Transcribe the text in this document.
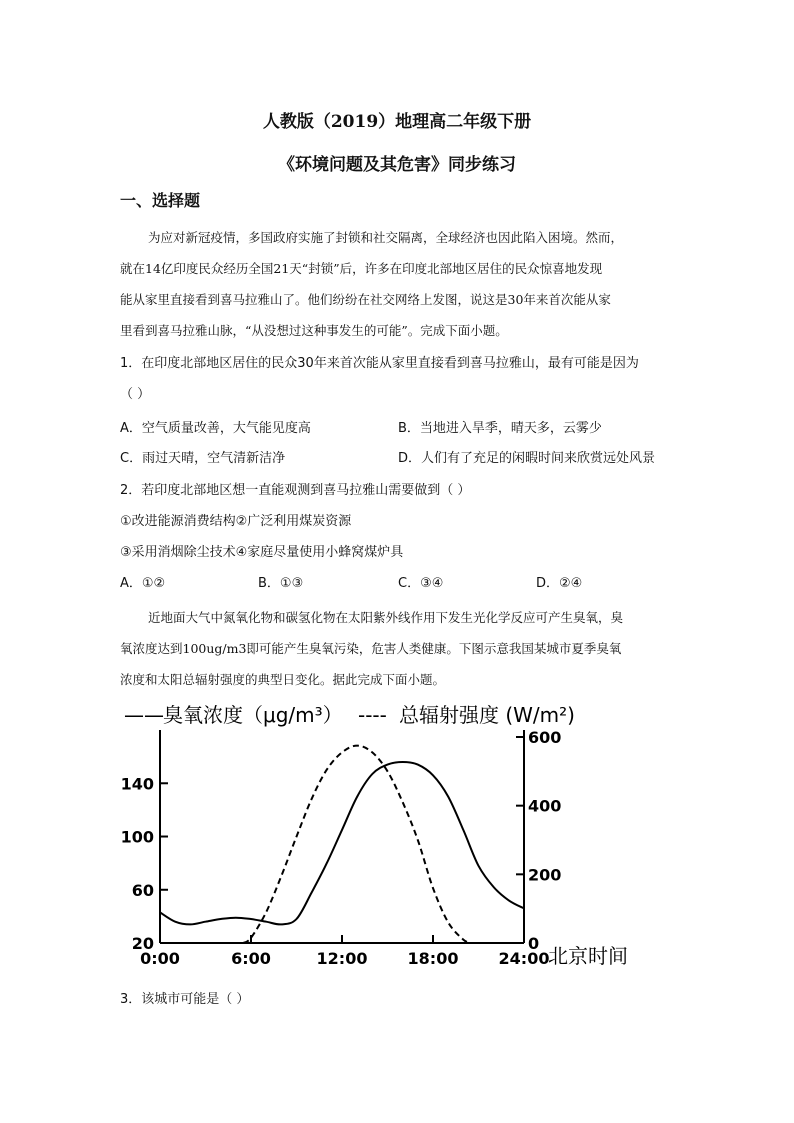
人教版（2019）地理高二年级下册
《环境问题及其危害》同步练习
一、选择题
为应对新冠疫情，多国政府实施了封锁和社交隔离，全球经济也因此陷入困境。然而，
就在14亿印度民众经历全国21天“封锁”后，许多在印度北部地区居住的民众惊喜地发现
能从家里直接看到喜马拉雅山了。他们纷纷在社交网络上发图，说这是30年来首次能从家
里看到喜马拉雅山脉，“从没想过这种事发生的可能”。完成下面小题。
1．在印度北部地区居住的民众30年来首次能从家里直接看到喜马拉雅山，最有可能是因为
（ ）
A．空气质量改善，大气能见度高	B．当地进入旱季，晴天多，云雾少
C．雨过天晴，空气清新洁净	D．人们有了充足的闲暇时间来欣赏远处风景
2．若印度北部地区想一直能观测到喜马拉雅山需要做到（ ）
①改进能源消费结构②广泛利用煤炭资源
③采用消烟除尘技术④家庭尽量使用小蜂窝煤炉具
A．①②	B．①③	C．③④	D．②④
近地面大气中氮氧化物和碳氢化物在太阳紫外线作用下发生光化学反应可产生臭氧，臭
氧浓度达到100ug/m3即可能产生臭氧污染，危害人类健康。下图示意我国某城市夏季臭氧
浓度和太阳总辐射强度的典型日变化。据此完成下面小题。
—— 臭氧浓度（μg/m³） ---- 总辐射强度 (W/m²)
20
60
100
140
0
200
400
600
0:00	6:00	12:00	18:00	24:00
北京时间
3．该城市可能是（ ）
